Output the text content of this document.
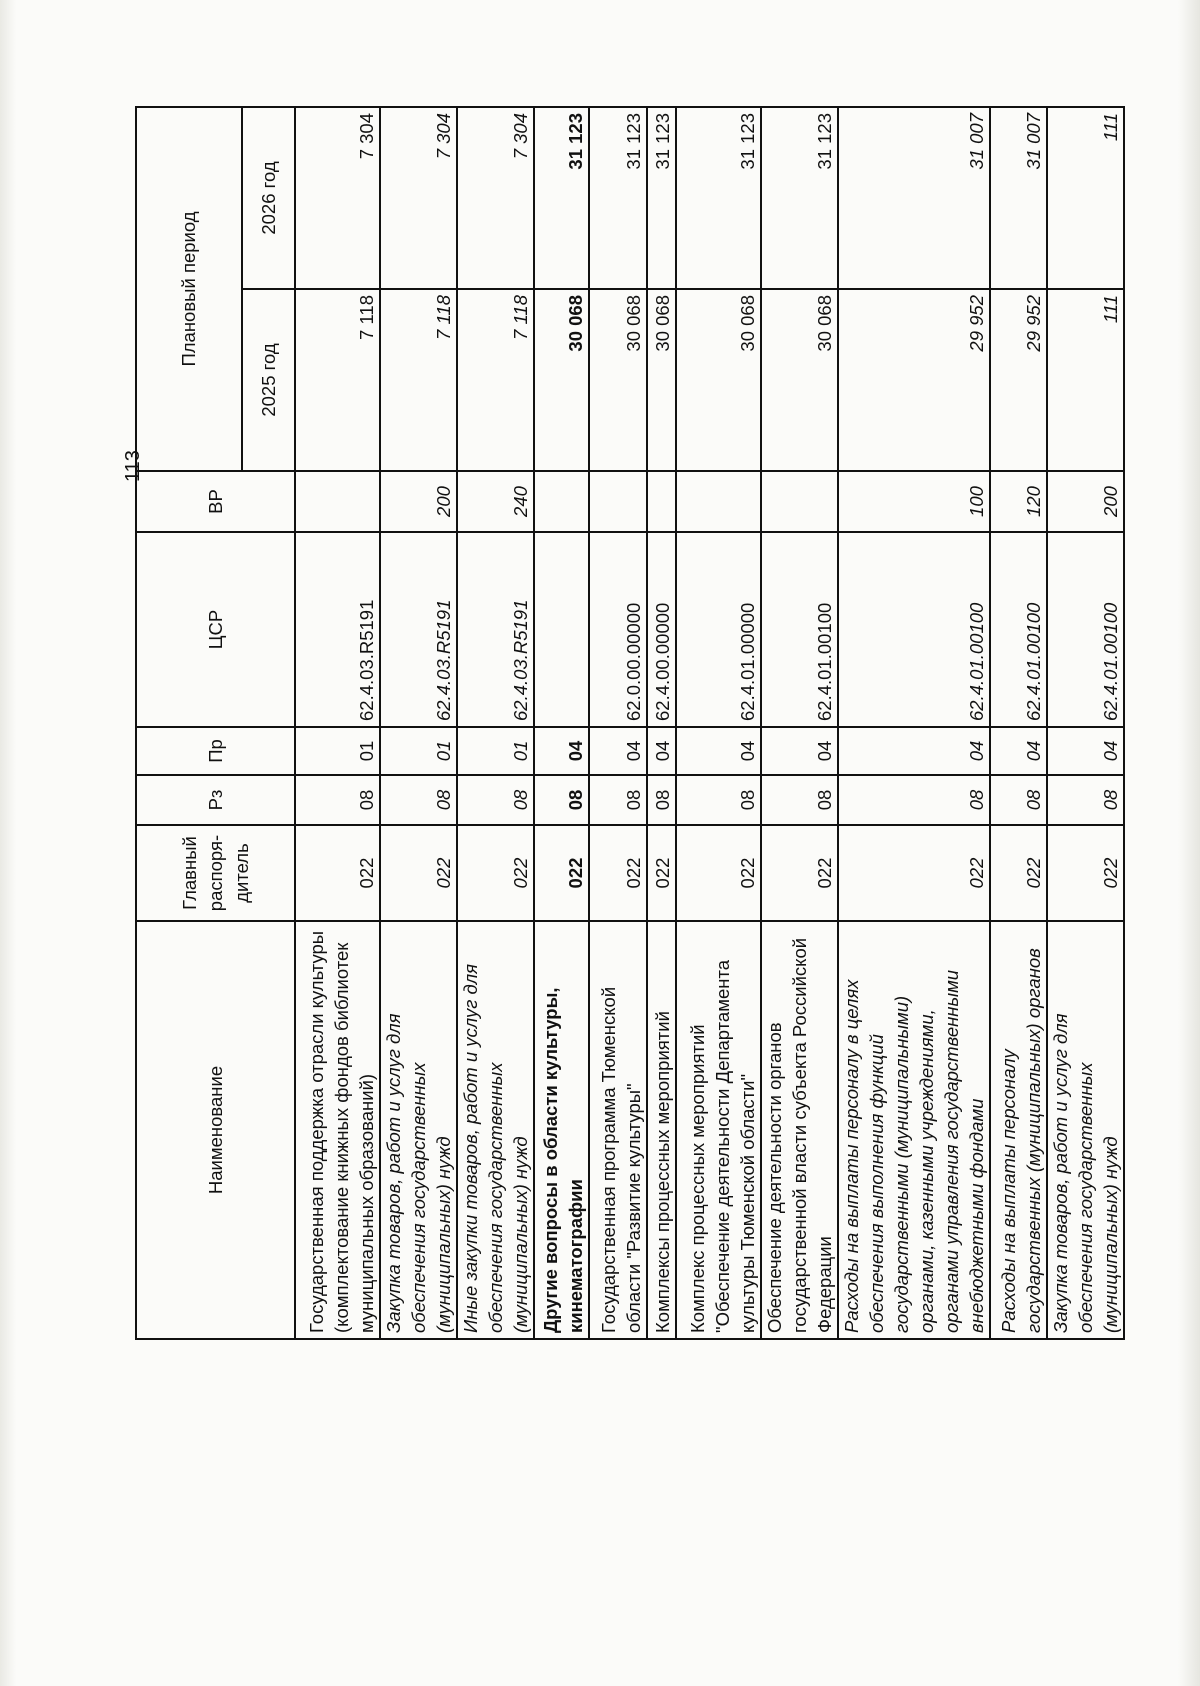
113
Наименование	Главный распоря-дитель	Рз	Пр	ЦСР	ВР	Плановый период	
						2025 год	2026 год
Государственная поддержка отрасли культуры (комплектование книжных фондов библиотек муниципальных образований)	022	08	01	62.4.03.R5191		7 118	7 304
Закупка товаров, работ и услуг для обеспечения государственных (муниципальных) нужд	022	08	01	62.4.03.R5191	200	7 118	7 304
Иные закупки товаров, работ и услуг для обеспечения государственных (муниципальных) нужд	022	08	01	62.4.03.R5191	240	7 118	7 304
Другие вопросы в области культуры, кинематографии	022	08	04			30 068	31 123
Государственная программа Тюменской области "Развитие культуры"	022	08	04	62.0.00.00000		30 068	31 123
Комплексы процессных мероприятий	022	08	04	62.4.00.00000		30 068	31 123
Комплекс процессных мероприятий "Обеспечение деятельности Департамента культуры Тюменской области"	022	08	04	62.4.01.00000		30 068	31 123
Обеспечение деятельности органов государственной власти субъекта Российской Федерации	022	08	04	62.4.01.00100		30 068	31 123
Расходы на выплаты персоналу в целях обеспечения выполнения функций государственными (муниципальными) органами, казенными учреждениями, органами управления государственными внебюджетными фондами	022	08	04	62.4.01.00100	100	29 952	31 007
Расходы на выплаты персоналу государственных (муниципальных) органов	022	08	04	62.4.01.00100	120	29 952	31 007
Закупка товаров, работ и услуг для обеспечения государственных (муниципальных) нужд	022	08	04	62.4.01.00100	200	111	111
